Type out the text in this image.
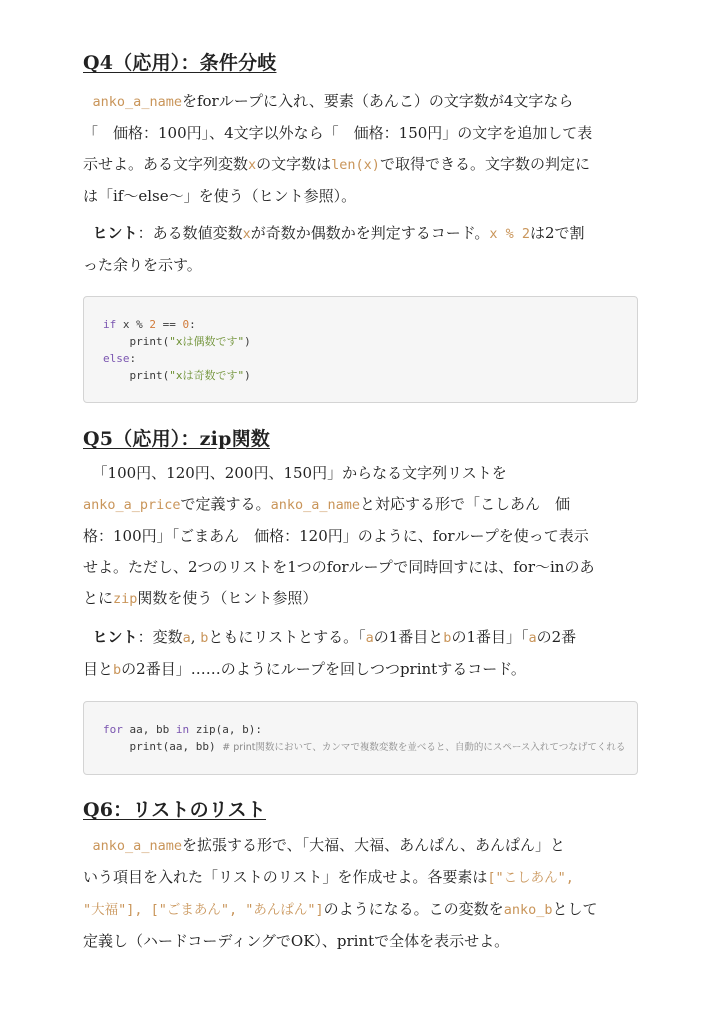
Q4（応用）：条件分岐
anko_a_nameをforループに入れ、要素（あんこ）の文字数が4文字なら
「　価格：100円」、4文字以外なら「　価格：150円」の文字を追加して表
示せよ。ある文字列変数xの文字数はlen(x)で取得できる。文字数の判定に
は「if〜else〜」を使う（ヒント参照）。
ヒント：ある数値変数xが奇数か偶数かを判定するコード。x % 2は2で割
った余りを示す。
if x % 2 == 0:
print("xは偶数です")
else:
print("xは奇数です")
Q5（応用）：zip関数
「100円、120円、200円、150円」からなる文字列リストを
anko_a_priceで定義する。anko_a_nameと対応する形で「こしあん　価
格：100円」「ごまあん　価格：120円」のように、forループを使って表示
せよ。ただし、2つのリストを1つのforループで同時回すには、for〜inのあ
とにzip関数を使う（ヒント参照）
ヒント：変数a, bともにリストとする。「aの1番目とbの1番目」「aの2番
目とbの2番目」……のようにループを回しつつprintするコード。
for aa, bb in zip(a, b):
print(aa, bb) # print関数において、カンマで複数変数を並べると、自動的にスペース入れてつなげてくれる
Q6：リストのリスト
anko_a_nameを拡張する形で、「大福、大福、あんぱん、あんぱん」と
いう項目を入れた「リストのリスト」を作成せよ。各要素は["こしあん",
"大福"], ["ごまあん", "あんぱん"]のようになる。この変数をanko_bとして
定義し（ハードコーディングでOK）、printで全体を表示せよ。
